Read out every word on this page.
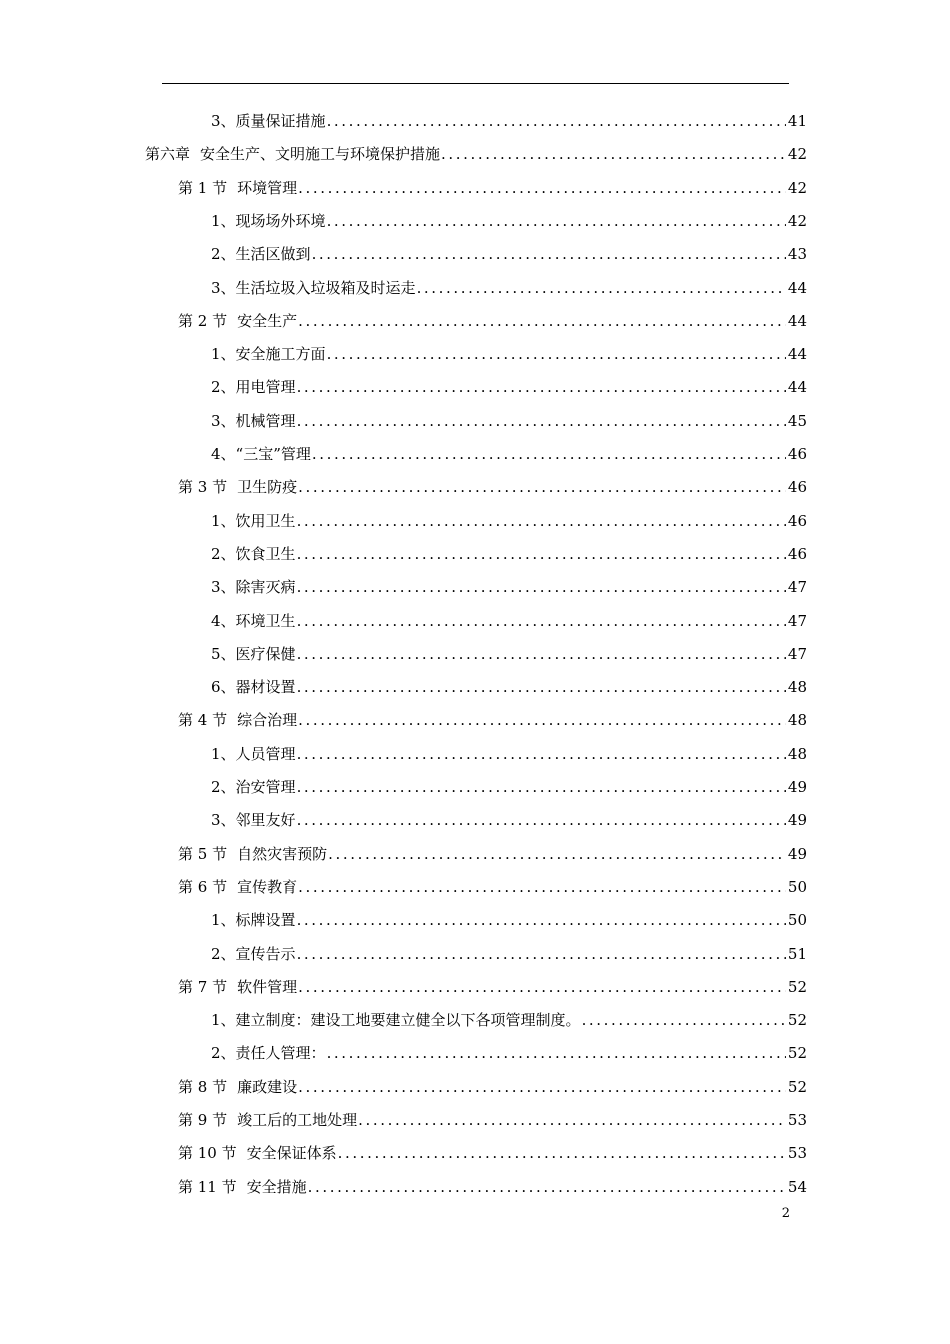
3、 质量保证措施 .....	41
第六章 安全生产、文明施工与环境保护措施 .....	42
第 1 节 环境管理 .....	42
1、 现场场外环境 .....	42
2、 生活区做到 .....	43
3、 生活垃圾入垃圾箱及时运走 .....	44
第 2 节 安全生产 .....	44
1、 安全施工方面 .....	44
2、 用电管理 .....	44
3、 机械管理 .....	45
4、 “三宝”管理 .....	46
第 3 节 卫生防疫 .....	46
1、 饮用卫生 .....	46
2、 饮食卫生 .....	46
3、 除害灭病 .....	47
4、 环境卫生 .....	47
5、 医疗保健 .....	47
6、 器材设置 .....	48
第 4 节 综合治理 .....	48
1、 人员管理 .....	48
2、 治安管理 .....	49
3、 邻里友好 .....	49
第 5 节 自然灾害预防 .....	49
第 6 节 宣传教育 .....	50
1、 标牌设置 .....	50
2、 宣传告示 .....	51
第 7 节 软件管理 .....	52
1、 建立制度：建设工地要建立健全以下各项管理制度。 .....	52
2、 责任人管理： .....	52
第 8 节 廉政建设 .....	52
第 9 节 竣工后的工地处理 .....	53
第 10 节 安全保证体系 .....	53
第 11 节 安全措施 .....	54
2
